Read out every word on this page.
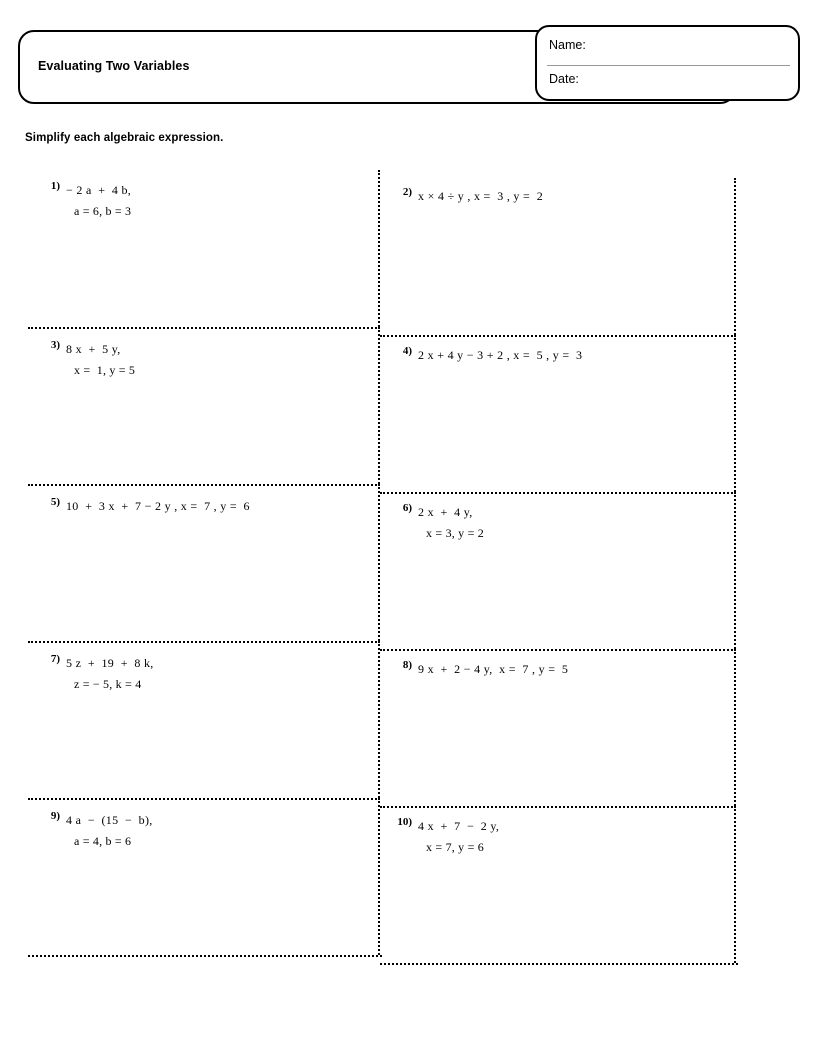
Evaluating Two Variables
Name:
Date:
Simplify each algebraic expression.
1) − 2 a  +  4 b,
a = 6, b = 3
2) x × 4 ÷ y , x =  3 , y =  2
3) 8 x  +  5 y,
x =  1, y = 5
4) 2 x + 4 y − 3 + 2 , x =  5 , y =  3
5) 10  +  3 x  +  7 − 2 y , x =  7 , y =  6	6) 2 x  +  4 y,
x = 3, y = 2
7) 5 z  +  19  +  8 k,
z = − 5, k = 4
8) 9 x  +  2 − 4 y,  x =  7 , y =  5
9) 4 a  −  (15  −  b),
a = 4, b = 6
10) 4 x  +  7  −  2 y,
x = 7, y = 6
